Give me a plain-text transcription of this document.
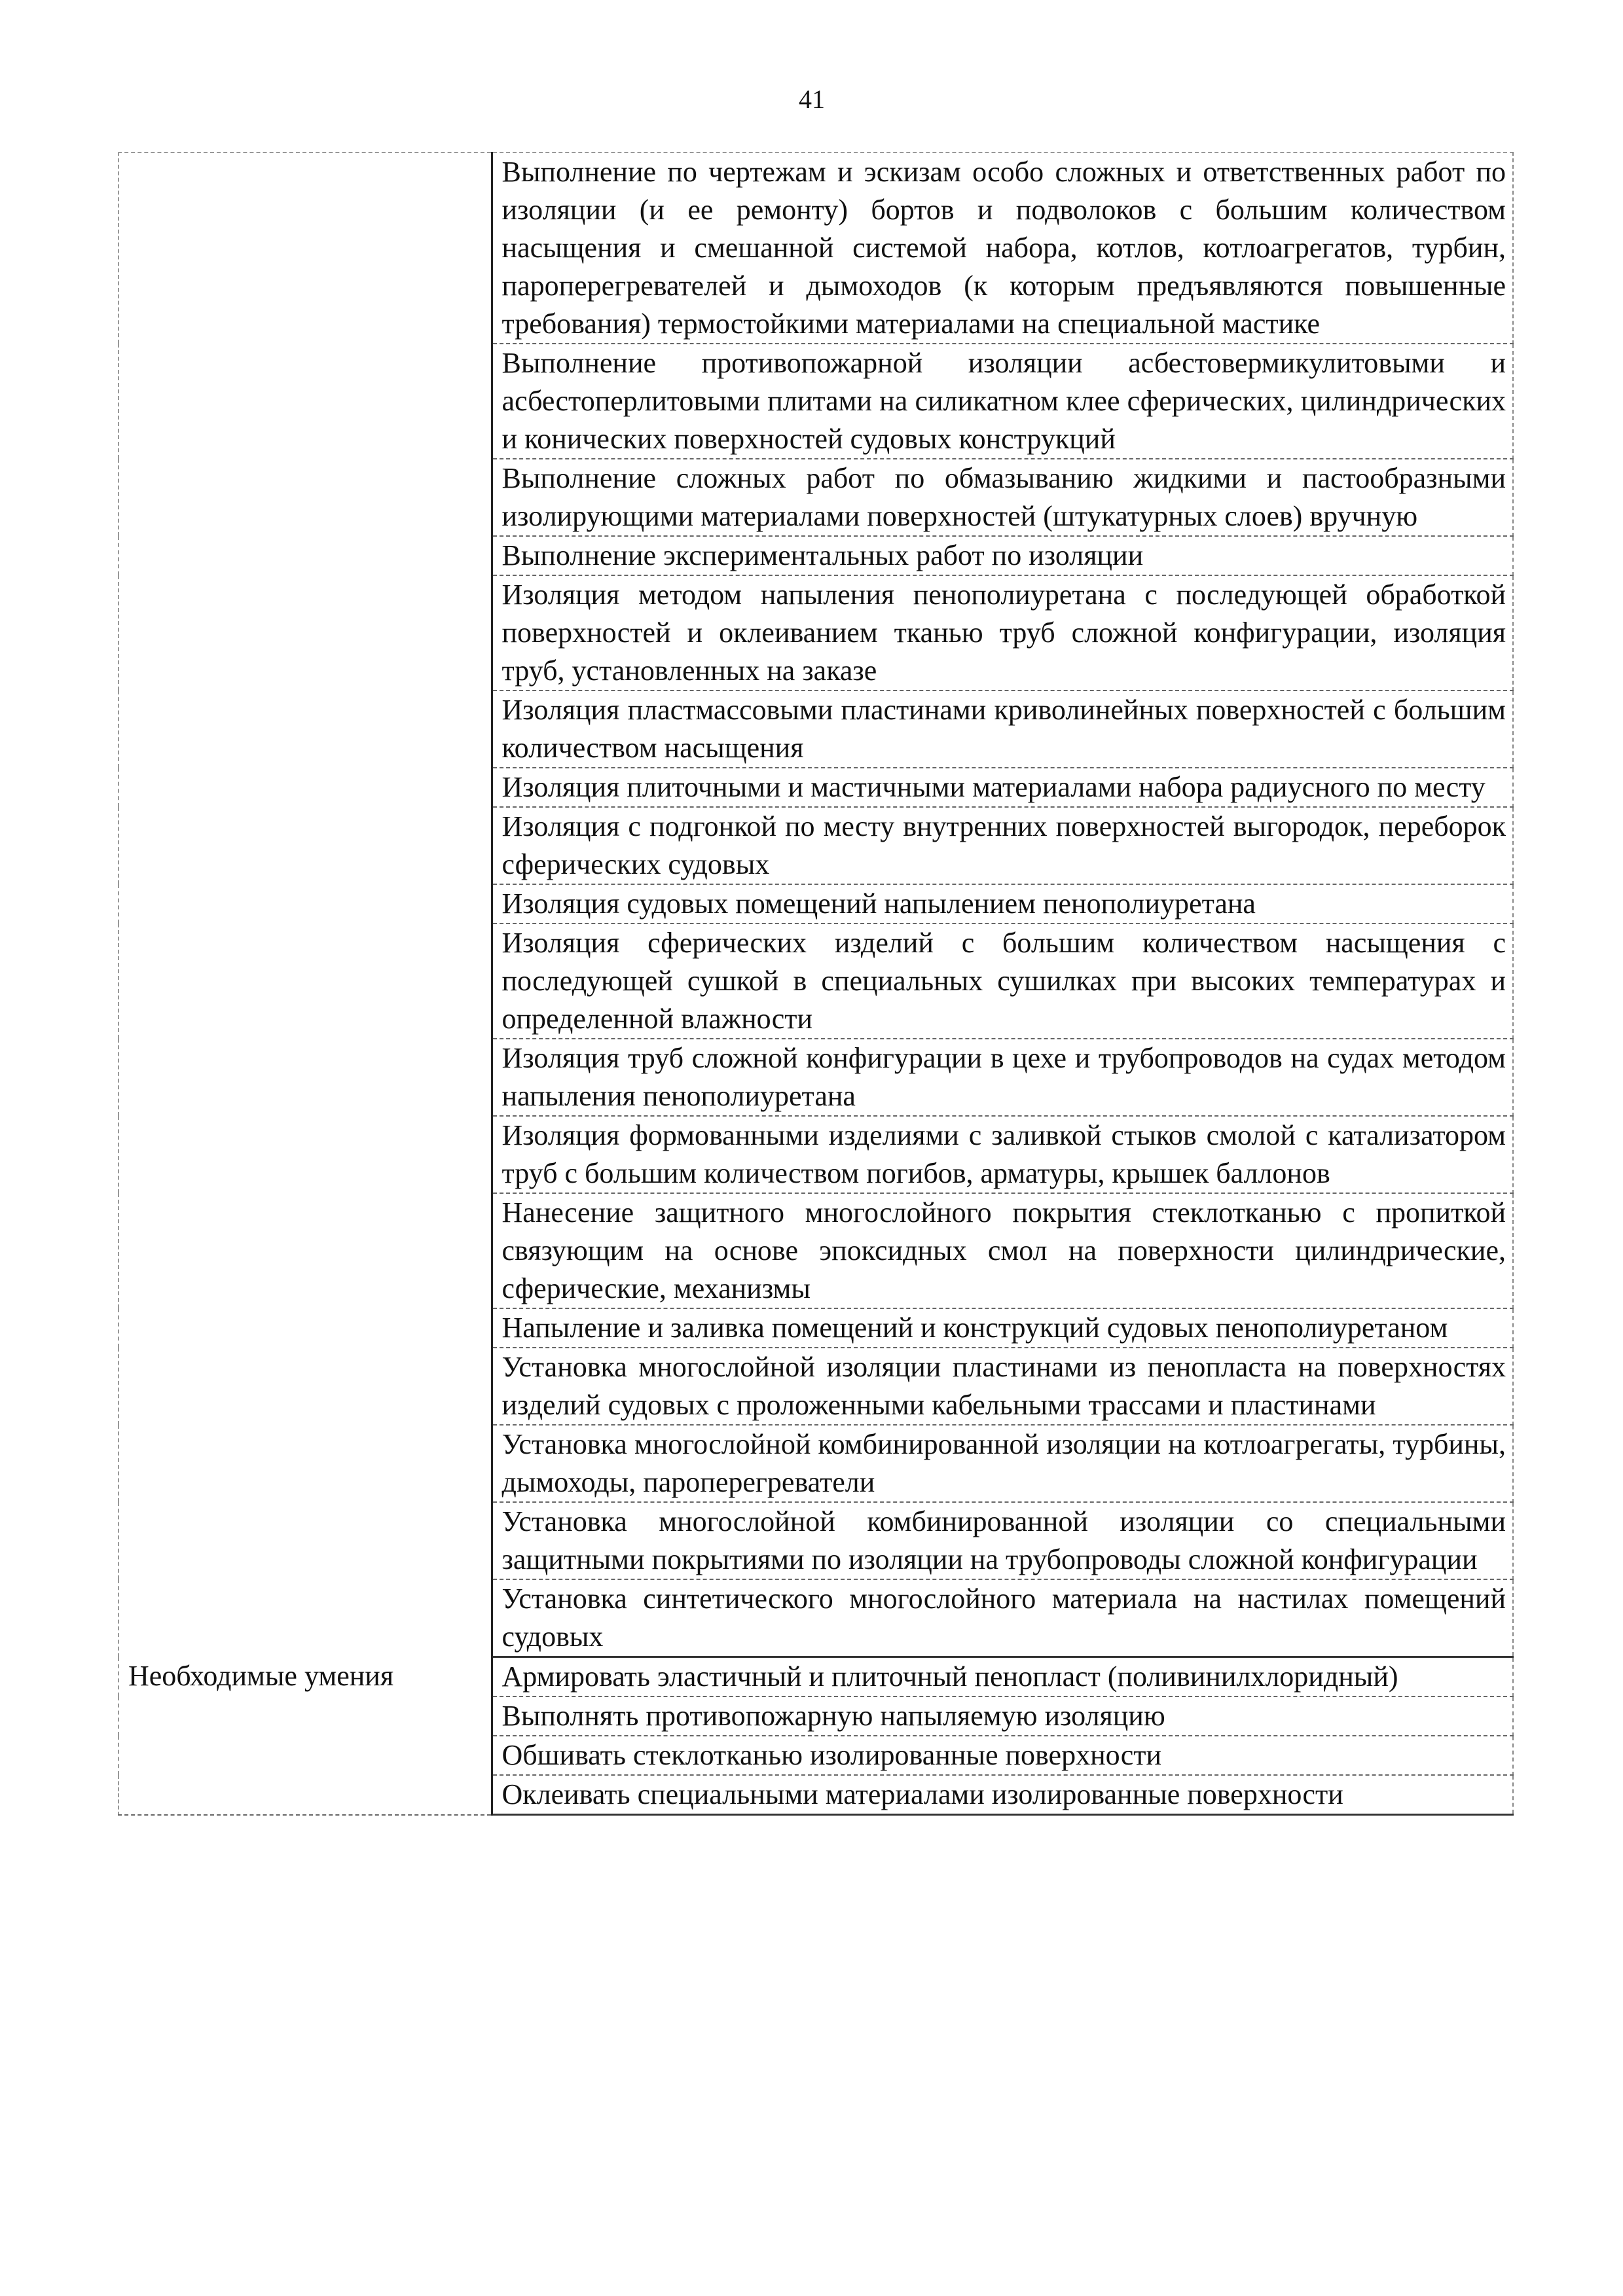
41
	Выполнение по чертежам и эскизам особо сложных и ответственных работ по изоляции (и ее ремонту) бортов и подволоков с большим количеством насыщения и смешанной системой набора, котлов, котлоагрегатов, турбин, пароперегревателей и дымоходов (к которым предъявляются повышенные требования) термостойкими материалами на специальной мастике
	Выполнение противопожарной изоляции асбестовермикулитовыми и асбестоперлитовыми плитами на силикатном клее сферических, цилиндрических и конических поверхностей судовых конструкций
	Выполнение сложных работ по обмазыванию жидкими и пастообразными изолирующими материалами поверхностей (штукатурных слоев) вручную
	Выполнение экспериментальных работ по изоляции
	Изоляция методом напыления пенополиуретана с последующей обработкой поверхностей и оклеиванием тканью труб сложной конфигурации, изоляция труб, установленных на заказе
	Изоляция пластмассовыми пластинами криволинейных поверхностей с большим количеством насыщения
	Изоляция плиточными и мастичными материалами набора радиусного по месту
	Изоляция с подгонкой по месту внутренних поверхностей выгородок, переборок сферических судовых
	Изоляция судовых помещений напылением пенополиуретана
	Изоляция сферических изделий с большим количеством насыщения с последующей сушкой в специальных сушилках при высоких температурах и определенной влажности
	Изоляция труб сложной конфигурации в цехе и трубопроводов на судах методом напыления пенополиуретана
	Изоляция формованными изделиями с заливкой стыков смолой с катализатором труб с большим количеством погибов, арматуры, крышек баллонов
	Нанесение защитного многослойного покрытия стеклотканью с пропиткой связующим на основе эпоксидных смол на поверхности цилиндрические, сферические, механизмы
	Напыление и заливка помещений и конструкций судовых пенополиуретаном
	Установка многослойной изоляции пластинами из пенопласта на поверхностях изделий судовых с проложенными кабельными трассами и пластинами
	Установка многослойной комбинированной изоляции на котлоагрегаты, турбины, дымоходы, пароперегреватели
	Установка многослойной комбинированной изоляции со специальными защитными покрытиями по изоляции на трубопроводы сложной конфигурации
	Установка синтетического многослойного материала на настилах помещений судовых
Необходимые умения	Армировать эластичный и плиточный пенопласт (поливинилхлоридный)
	Выполнять противопожарную напыляемую изоляцию
	Обшивать стеклотканью изолированные поверхности
	Оклеивать специальными материалами изолированные поверхности
